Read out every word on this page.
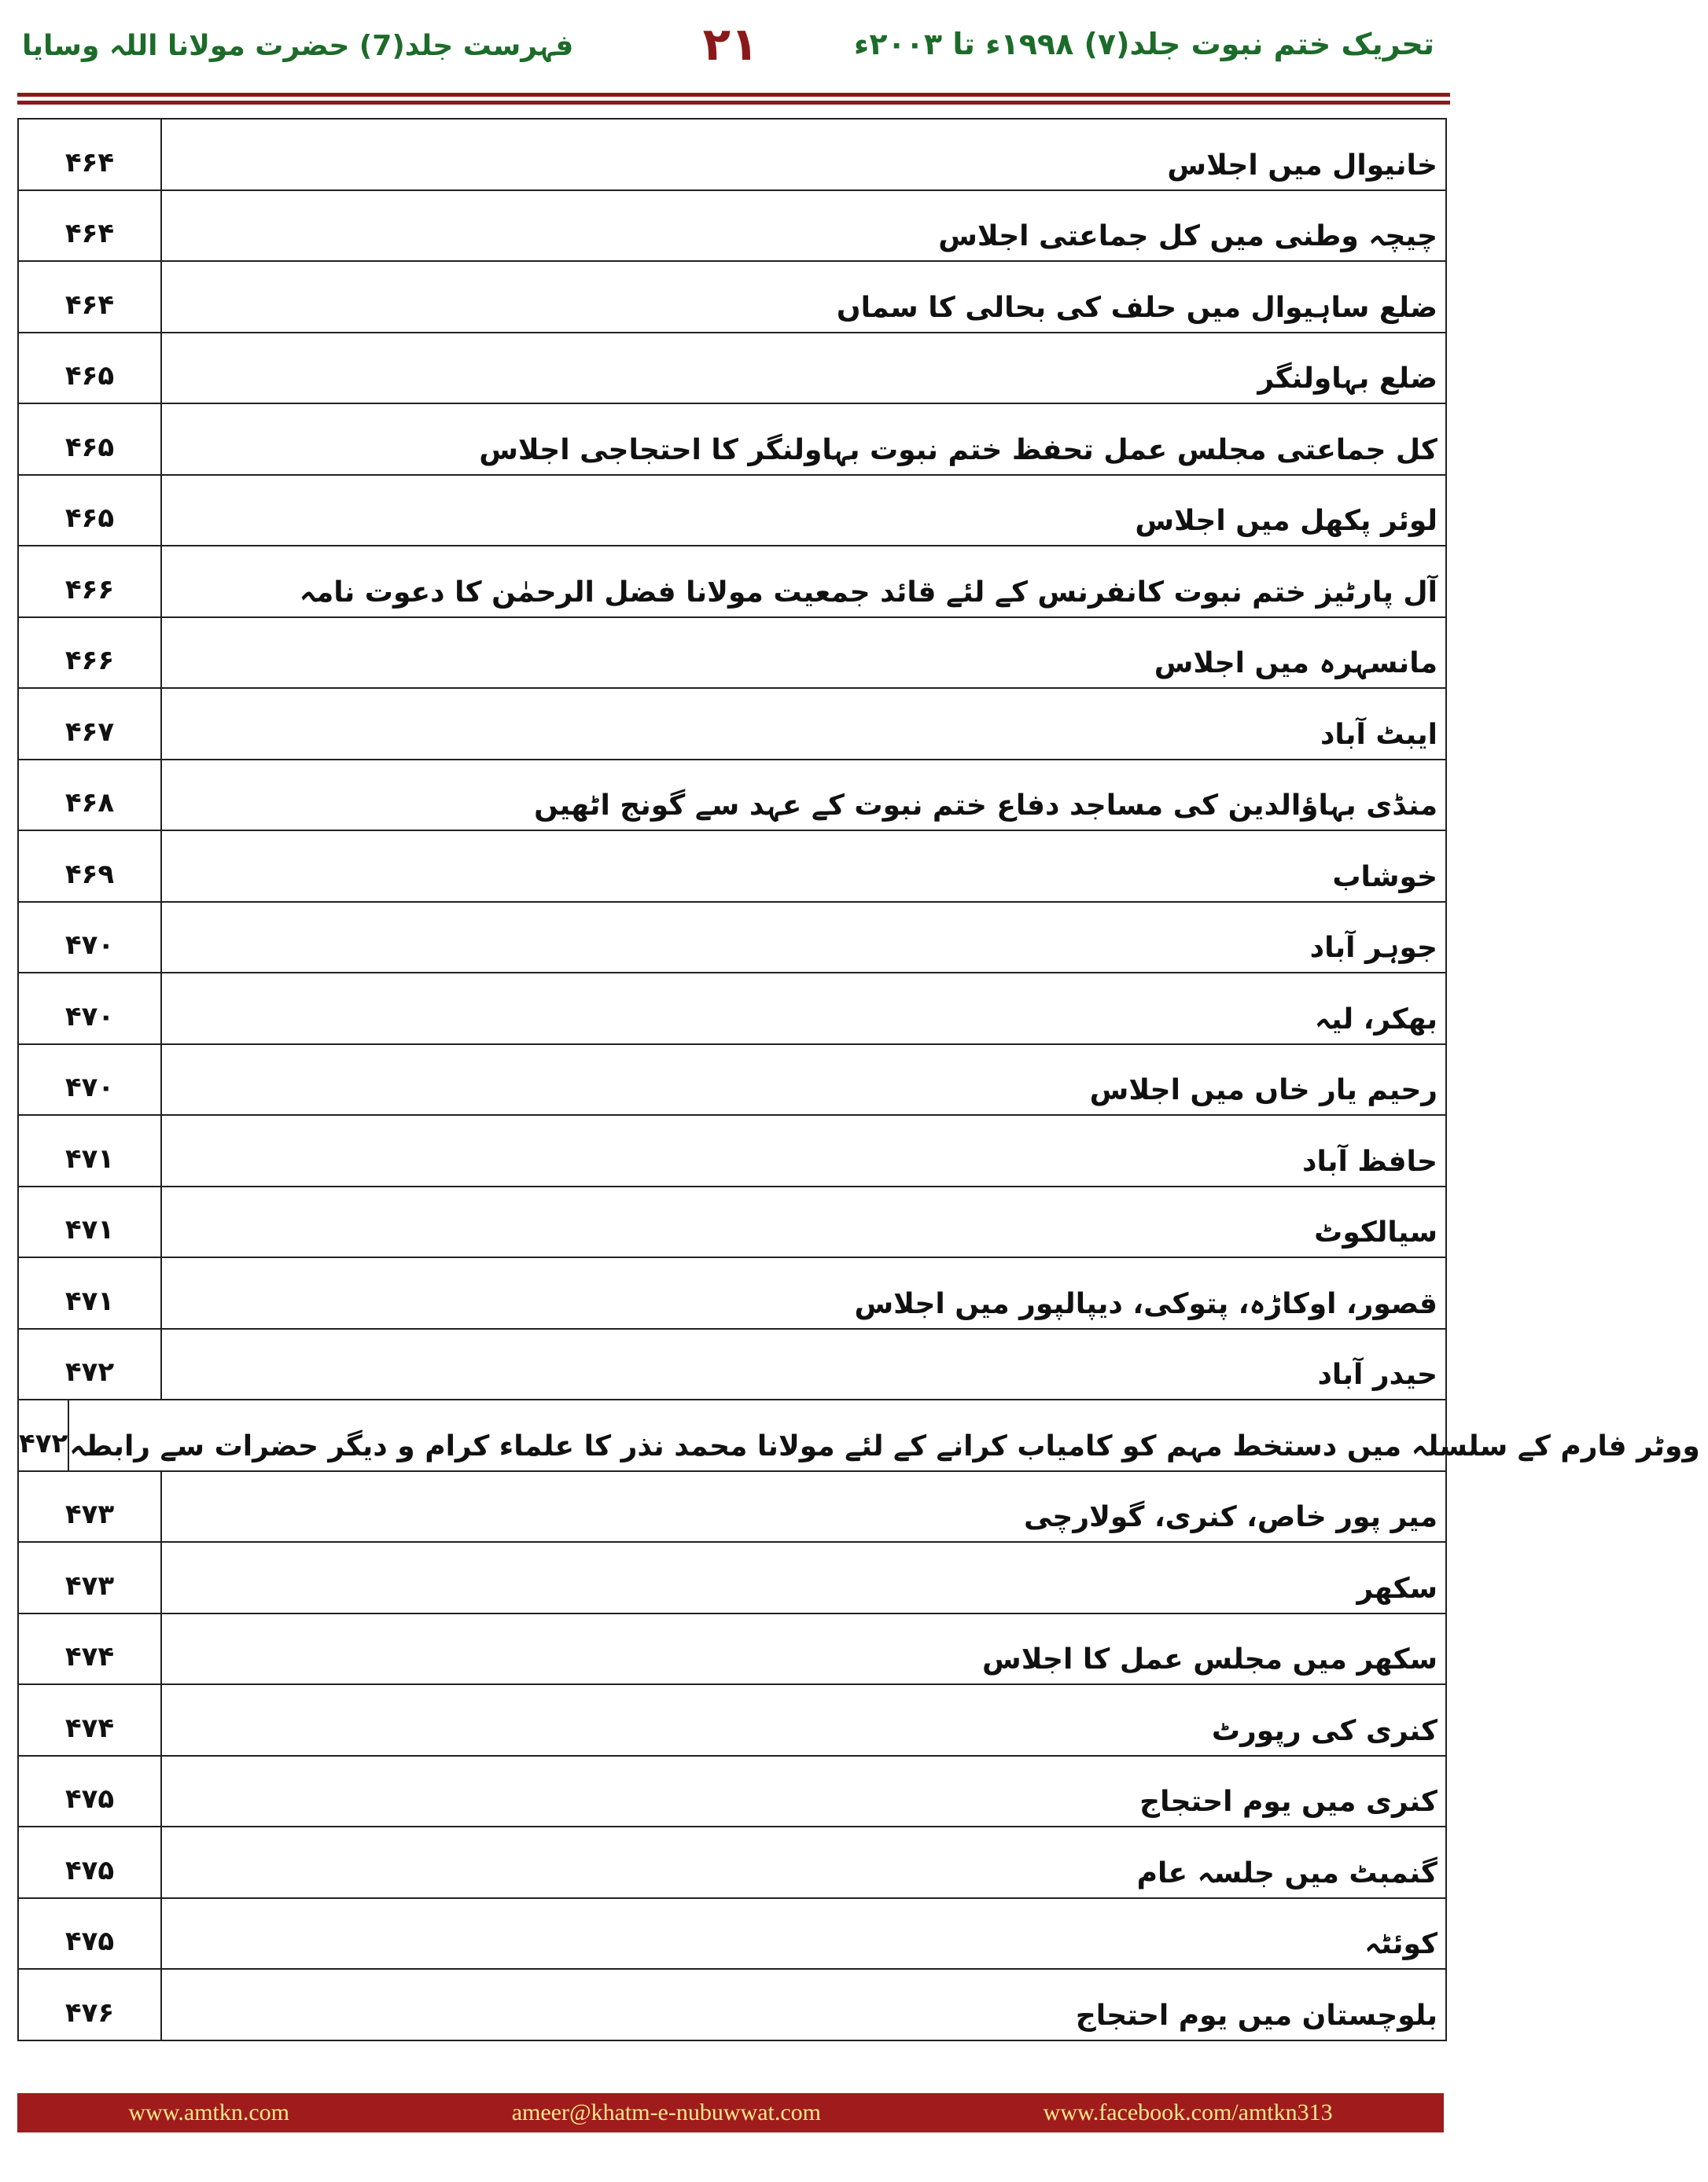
تحریک ختم نبوت جلد(۷) ۱۹۹۸ء تا ۲۰۰۳ء
۲۱
فہرست جلد(7) حضرت مولانا اللہ وسایا
۴۶۴	خانیوال میں اجلاس
۴۶۴	چیچہ وطنی میں کل جماعتی اجلاس
۴۶۴	ضلع ساہیوال میں حلف کی بحالی کا سماں
۴۶۵	ضلع بہاولنگر
۴۶۵	کل جماعتی مجلس عمل تحفظ ختم نبوت بہاولنگر کا احتجاجی اجلاس
۴۶۵	لوئر پکھل میں اجلاس
۴۶۶	آل پارٹیز ختم نبوت کانفرنس کے لئے قائد جمعیت مولانا فضل الرحمٰن کا دعوت نامہ
۴۶۶	مانسہرہ میں اجلاس
۴۶۷	ایبٹ آباد
۴۶۸	منڈی بہاؤالدین کی مساجد دفاع ختم نبوت کے عہد سے گونج اٹھیں
۴۶۹	خوشاب
۴۷۰	جوہر آباد
۴۷۰	بھکر، لیہ
۴۷۰	رحیم یار خاں میں اجلاس
۴۷۱	حافظ آباد
۴۷۱	سیالکوٹ
۴۷۱	قصور، اوکاڑہ، پتوکی، دیپالپور میں اجلاس
۴۷۲	حیدر آباد
۴۷۲ ووٹر فارم کے سلسلہ میں دستخط مہم کو کامیاب کرانے کے لئے مولانا محمد نذر کا علماء کرام و دیگر حضرات سے رابطہ
۴۷۳	میر پور خاص، کنری، گولارچی
۴۷۳	سکھر
۴۷۴	سکھر میں مجلس عمل کا اجلاس
۴۷۴	کنری کی رپورٹ
۴۷۵	کنری میں یوم احتجاج
۴۷۵	گنمبٹ میں جلسہ عام
۴۷۵	کوئٹہ
۴۷۶	بلوچستان میں یوم احتجاج
www.amtkn.com	ameer@khatm-e-nubuwwat.com	www.facebook.com/amtkn313
